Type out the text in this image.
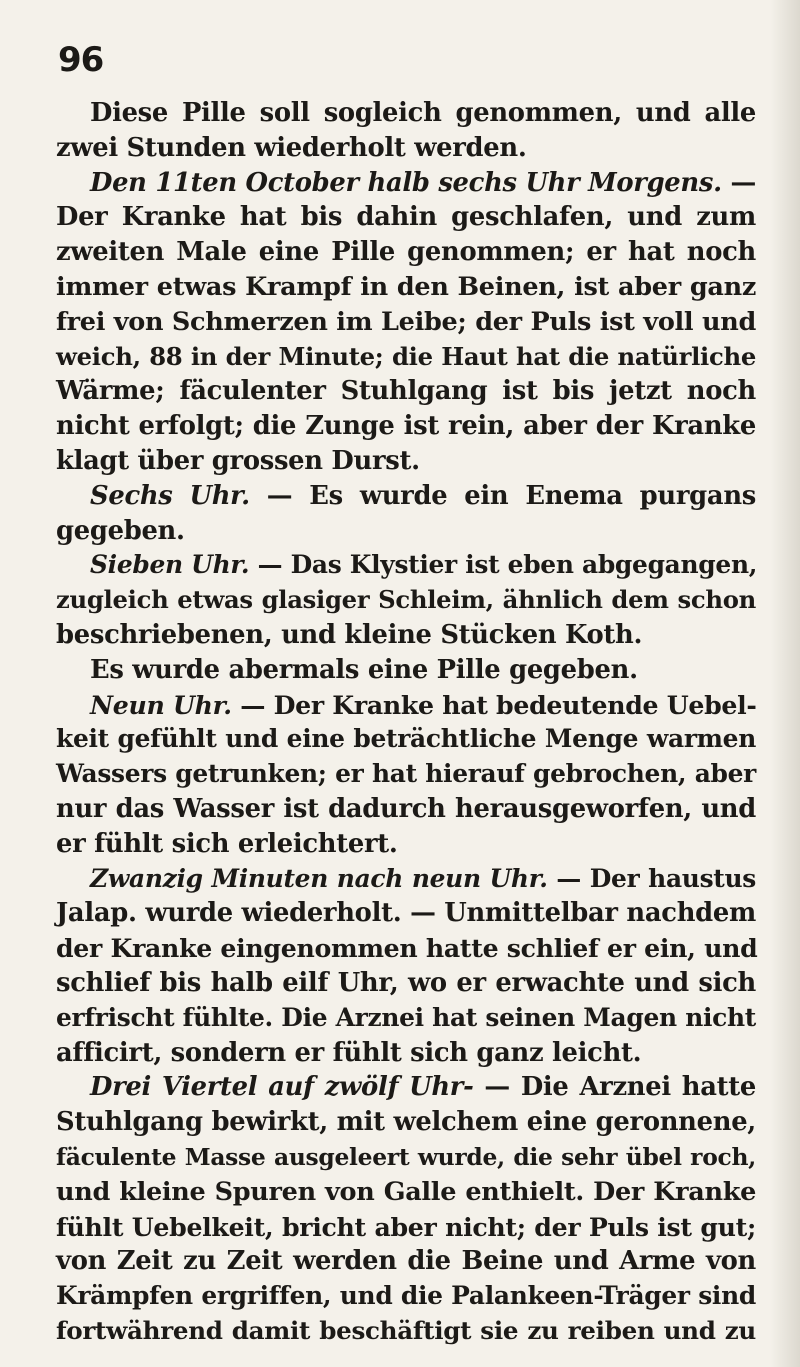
96
Diese Pille soll sogleich genommen, und alle
zwei Stunden wiederholt werden.
Den 11ten October halb sechs Uhr Morgens. —
Der Kranke hat bis dahin geschlafen, und zum
zweiten Male eine Pille genommen; er hat noch
immer etwas Krampf in den Beinen, ist aber ganz
frei von Schmerzen im Leibe; der Puls ist voll und
weich, 88 in der Minute; die Haut hat die natürliche
Wärme; fäculenter Stuhlgang ist bis jetzt noch
nicht erfolgt; die Zunge ist rein, aber der Kranke
klagt über grossen Durst.
Sechs Uhr. — Es wurde ein Enema purgans
gegeben.
Sieben Uhr. — Das Klystier ist eben abgegangen,
zugleich etwas glasiger Schleim, ähnlich dem schon
beschriebenen, und kleine Stücken Koth.
Es wurde abermals eine Pille gegeben.
Neun Uhr. — Der Kranke hat bedeutende Uebel-
keit gefühlt und eine beträchtliche Menge warmen
Wassers getrunken; er hat hierauf gebrochen, aber
nur das Wasser ist dadurch herausgeworfen, und
er fühlt sich erleichtert.
Zwanzig Minuten nach neun Uhr. — Der haustus
Jalap. wurde wiederholt. — Unmittelbar nachdem
der Kranke eingenommen hatte schlief er ein, und
schlief bis halb eilf Uhr, wo er erwachte und sich
erfrischt fühlte. Die Arznei hat seinen Magen nicht
afficirt, sondern er fühlt sich ganz leicht.
Drei Viertel auf zwölf Uhr- — Die Arznei hatte
Stuhlgang bewirkt, mit welchem eine geronnene,
fäculente Masse ausgeleert wurde, die sehr übel roch,
und kleine Spuren von Galle enthielt. Der Kranke
fühlt Uebelkeit, bricht aber nicht; der Puls ist gut;
von Zeit zu Zeit werden die Beine und Arme von
Krämpfen ergriffen, und die Palankeen-Träger sind
fortwährend damit beschäftigt sie zu reiben und zu
